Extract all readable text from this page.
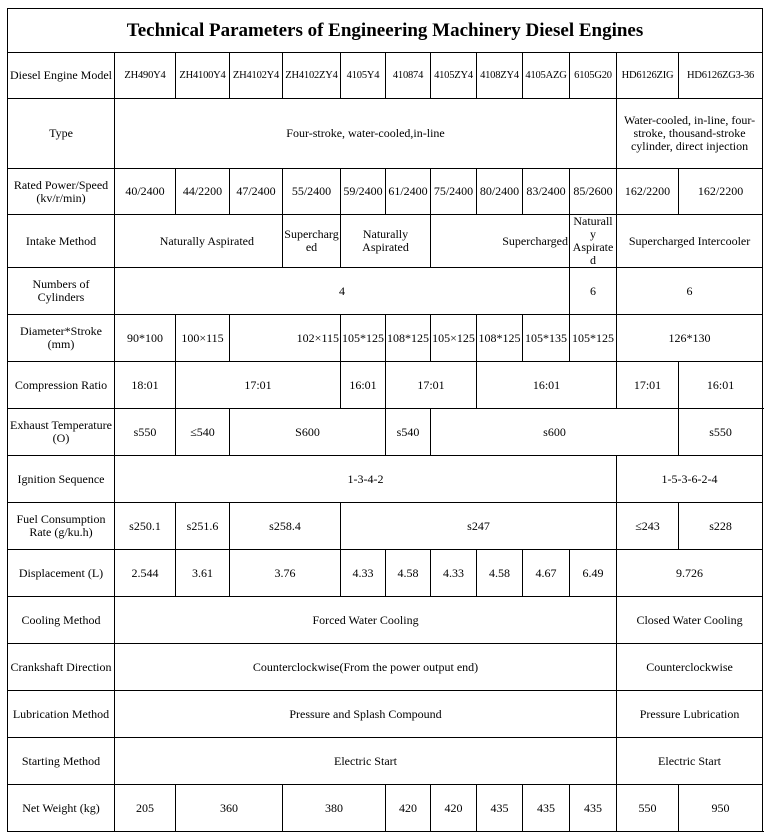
Technical Parameters of Engineering Machinery Diesel Engines												
Diesel Engine Model	ZH490Y4	ZH4100Y4	ZH4102Y4	ZH4102ZY4	4105Y4	410874	4105ZY4	4108ZY4	4105AZG	6105G20	HD6126ZIG	HD6126ZG3-36
Type	Four-stroke, water-cooled,in-line										Water-cooled, in-line, four-stroke, thousand-stroke cylinder, direct injection	
Rated Power/Speed (kv/r/min)	40/2400	44/2200	47/2400	55/2400	59/2400	61/2400	75/2400	80/2400	83/2400	85/2600	162/2200	162/2200
Intake Method	Naturally Aspirated			Supercharged	Naturally Aspirated		Supercharged			Naturally Aspirated	Supercharged Intercooler	
Numbers of Cylinders	4									6	6	
Diameter*Stroke (mm)	90*100	100×115	102×115		105*125	108*125	105×125	108*125	105*135	105*125	126*130	
Compression Ratio	18:01	17:01			16:01	17:01		16:01			17:01	16:01
Exhaust Temperature (O)	s550	≤540	S600			s540	s600					s550
Ignition Sequence	1-3-4-2										1-5-3-6-2-4	
Fuel Consumption Rate (g/ku.h)	s250.1	s251.6	s258.4		s247						≤243	s228
Displacement (L)	2.544	3.61	3.76		4.33	4.58	4.33	4.58	4.67	6.49	9.726	
Cooling Method	Forced Water Cooling										Closed Water Cooling	
Crankshaft Direction	Counterclockwise(From the power output end)										Counterclockwise	
Lubrication Method	Pressure and Splash Compound										Pressure Lubrication	
Starting Method	Electric Start										Electric Start	
Net Weight (kg)	205	360		380		420	420	435	435	435	550	950
